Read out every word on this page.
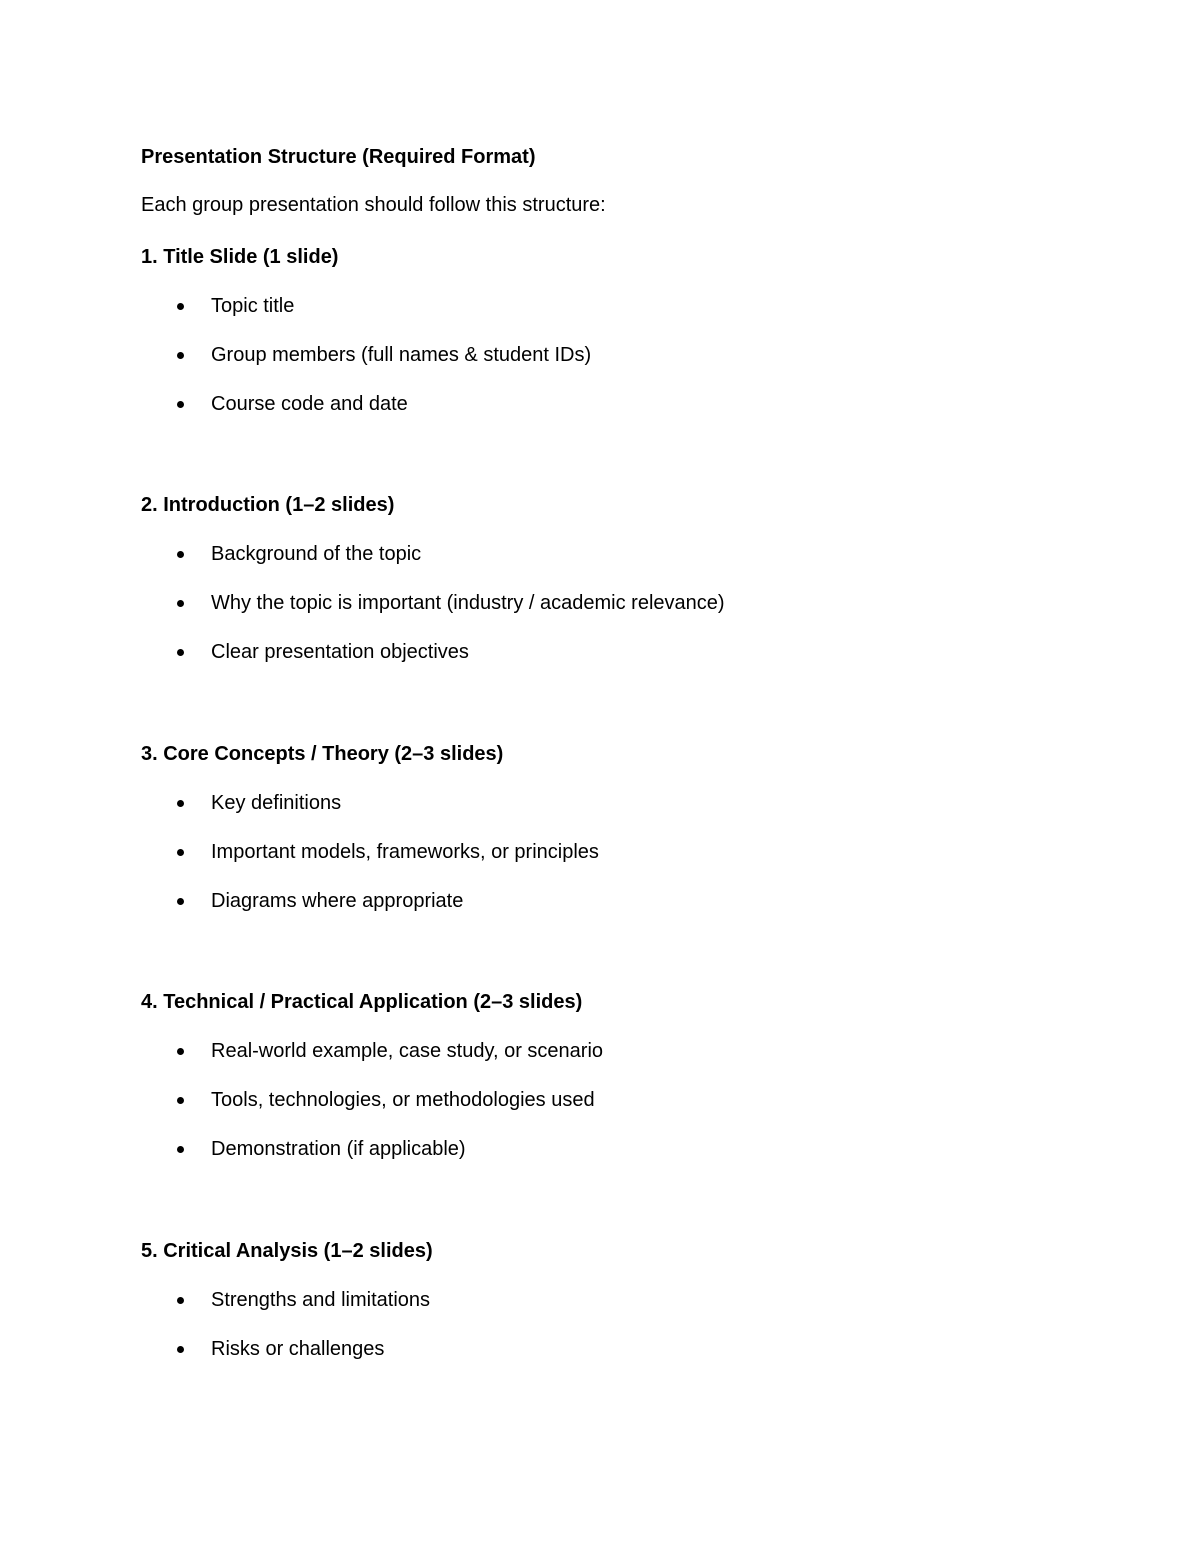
Presentation Structure (Required Format)
Each group presentation should follow this structure:
1. Title Slide (1 slide)
Topic title
Group members (full names & student IDs)
Course code and date
2. Introduction (1–2 slides)
Background of the topic
Why the topic is important (industry / academic relevance)
Clear presentation objectives
3. Core Concepts / Theory (2–3 slides)
Key definitions
Important models, frameworks, or principles
Diagrams where appropriate
4. Technical / Practical Application (2–3 slides)
Real-world example, case study, or scenario
Tools, technologies, or methodologies used
Demonstration (if applicable)
5. Critical Analysis (1–2 slides)
Strengths and limitations
Risks or challenges
